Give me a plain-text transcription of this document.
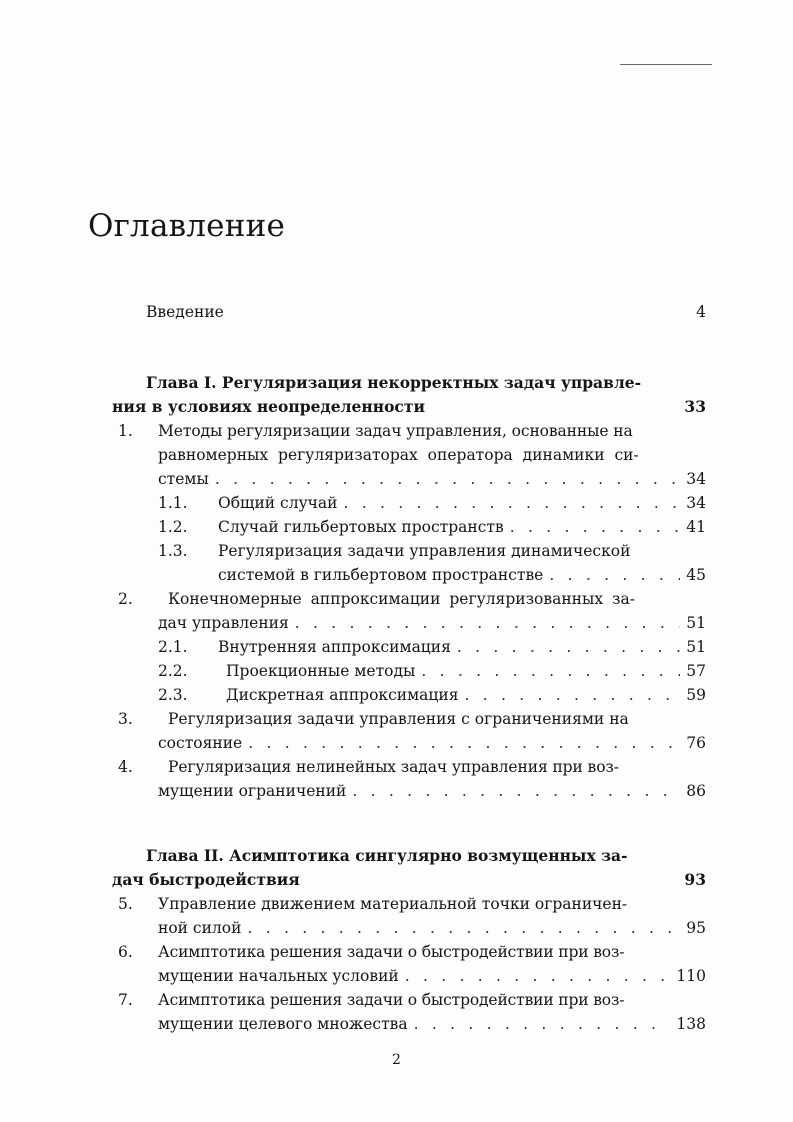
Оглавление
Введение	4
Глава I. Регуляризация некорректных задач управле-
ния в условиях неопределенности	33
1. Методы регуляризации задач управления, основанные на
равномерных регуляризаторах оператора динамики си-
стемы . . .	34
1.1. Общий случай . . .	34
1.2. Случай гильбертовых пространств . . .	41
1.3. Регуляризация задачи управления динамической
системой в гильбертовом пространстве . . .	45
2. Конечномерные аппроксимации регуляризованных за-
дач управления . . .	51
2.1. Внутренняя аппроксимация . . .	51
2.2. Проекционные методы . . .	57
2.3. Дискретная аппроксимация . . .	59
3. Регуляризация задачи управления с ограничениями на
состояние . . .	76
4. Регуляризация нелинейных задач управления при воз-
мущении ограничений . . .	86
Глава II. Асимптотика сингулярно возмущенных за-
дач быстродействия	93
5. Управление движением материальной точки ограничен-
ной силой . . .	95
6. Асимптотика решения задачи о быстродействии при воз-
мущении начальных условий . . .	110
7. Асимптотика решения задачи о быстродействии при воз-
мущении целевого множества . . .	138
2
